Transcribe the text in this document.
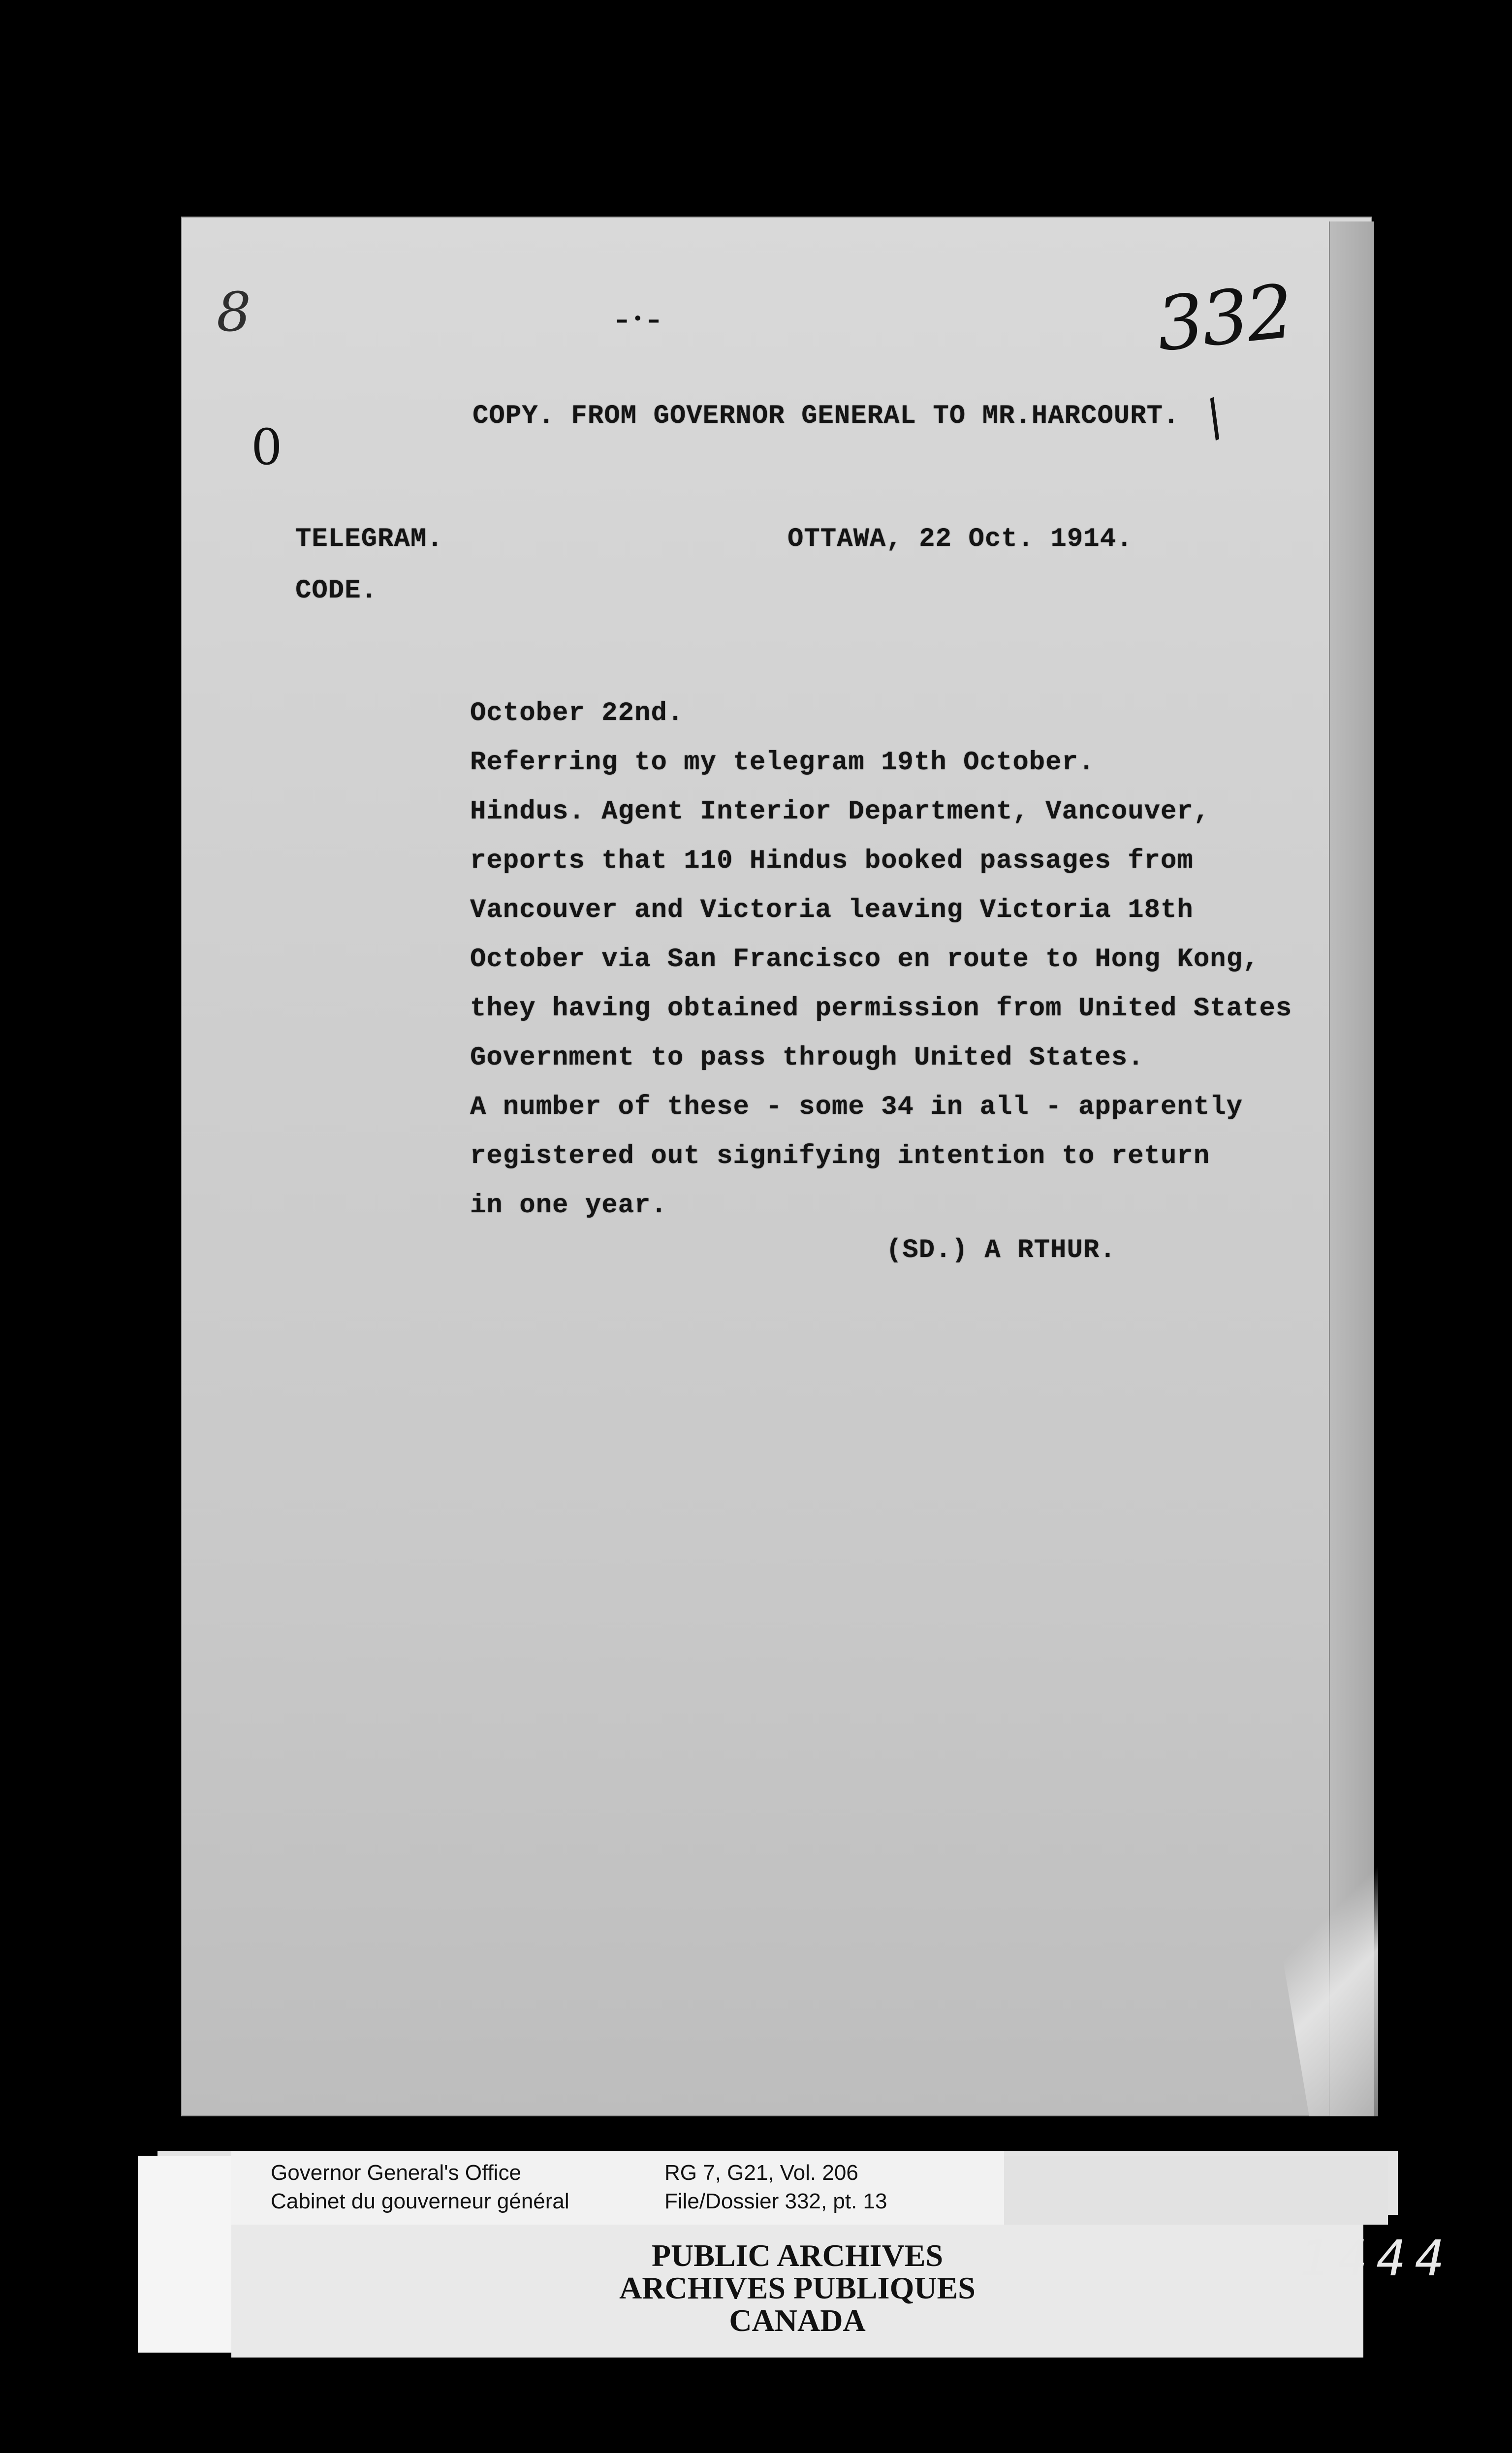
8
0
-·-	332
/
COPY. FROM GOVERNOR GENERAL TO MR.HARCOURT.
TELEGRAM.
CODE.
OTTAWA, 22 Oct. 1914.
October 22nd.
Referring to my telegram 19th October.
Hindus. Agent Interior Department, Vancouver,
reports that 110 Hindus booked passages from
Vancouver and Victoria leaving Victoria 18th
October via San Francisco en route to Hong Kong,
they having obtained permission from United States
Government to pass through United States.
A number of these - some 34 in all - apparently
registered out signifying intention to return
in one year.
(SD.) A RTHUR.
Governor General's Office
Cabinet du gouverneur général
RG 7, G21, Vol. 206
File/Dossier 332, pt. 13
PUBLIC ARCHIVES
ARCHIVES PUBLIQUES
CANADA
1444
